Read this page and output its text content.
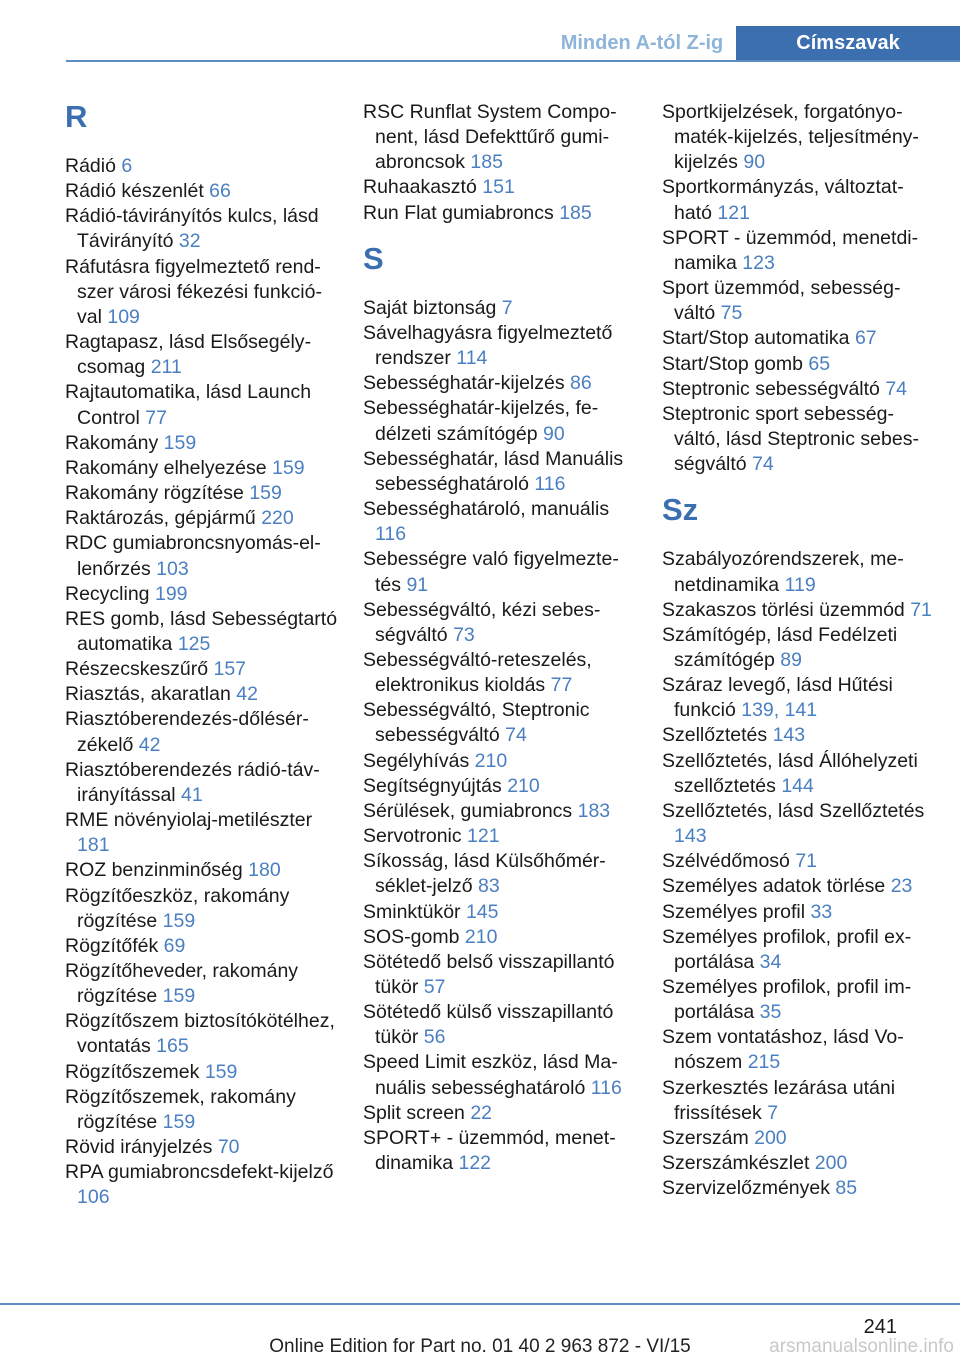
Minden A-tól Z-ig	Címszavak
R
Rádió 6
Rádió készenlét 66
Rádió-távirányítós kulcs, lásd Távirányító 32
Ráfutásra figyelmeztető rendszer városi fékezési funkcióval 109
Ragtapasz, lásd Elsősegélycsomag 211
Rajtautomatika, lásd Launch Control 77
Rakomány 159
Rakomány elhelyezése 159
Rakomány rögzítése 159
Raktározás, gépjármű 220
RDC gumiabroncsnyomás-ellenőrzés 103
Recycling 199
RES gomb, lásd Sebességtartó automatika 125
Részecskeszűrő 157
Riasztás, akaratlan 42
Riasztóberendezés-dőlésérzékelő 42
Riasztóberendezés rádió-távirányítással 41
RME növényiolaj-metilészter 181
ROZ benzinminőség 180
Rögzítőeszköz, rakomány rögzítése 159
Rögzítőfék 69
Rögzítőheveder, rakomány rögzítése 159
Rögzítőszem biztosítókötélhez, vontatás 165
Rögzítőszemek 159
Rögzítőszemek, rakomány rögzítése 159
Rövid irányjelzés 70
RPA gumiabroncsdefekt-kijelző 106
RSC Runflat System Component, lásd Defekttűrő gumiabroncsok 185
Ruhaakasztó 151
Run Flat gumiabroncs 185
S
Saját biztonság 7
Sávelhagyásra figyelmeztető rendszer 114
Sebességhatár-kijelzés 86
Sebességhatár-kijelzés, fedélzeti számítógép 90
Sebességhatár, lásd Manuális sebességhatároló 116
Sebességhatároló, manuális 116
Sebességre való figyelmeztetés 91
Sebességváltó, kézi sebességváltó 73
Sebességváltó-reteszelés, elektronikus kioldás 77
Sebességváltó, Steptronic sebességváltó 74
Segélyhívás 210
Segítségnyújtás 210
Sérülések, gumiabroncs 183
Servotronic 121
Síkosság, lásd Külsőhőmérséklet-jelző 83
Sminktükör 145
SOS-gomb 210
Sötétedő belső visszapillantó tükör 57
Sötétedő külső visszapillantó tükör 56
Speed Limit eszköz, lásd Manuális sebességhatároló 116
Split screen 22
SPORT+ - üzemmód, menetdinamika 122
Sportkijelzések, forgatónyomaték-kijelzés, teljesítménykijelzés 90
Sportkormányzás, változtatható 121
SPORT - üzemmód, menetdinamika 123
Sport üzemmód, sebességváltó 75
Start/Stop automatika 67
Start/Stop gomb 65
Steptronic sebességváltó 74
Steptronic sport sebességváltó, lásd Steptronic sebességváltó 74
Sz
Szabályozórendszerek, menetdinamika 119
Szakaszos törlési üzemmód 71
Számítógép, lásd Fedélzeti számítógép 89
Száraz levegő, lásd Hűtési funkció 139, 141
Szellőztetés 143
Szellőztetés, lásd Állóhelyzeti szellőztetés 144
Szellőztetés, lásd Szellőztetés 143
Szélvédőmosó 71
Személyes adatok törlése 23
Személyes profil 33
Személyes profilok, profil exportálása 34
Személyes profilok, profil importálása 35
Szem vontatáshoz, lásd Vonószem 215
Szerkesztés lezárása utáni frissítések 7
Szerszám 200
Szerszámkészlet 200
Szervizelőzmények 85
241
Online Edition for Part no. 01 40 2 963 872 - VI/15	arsmanualsonline.info
